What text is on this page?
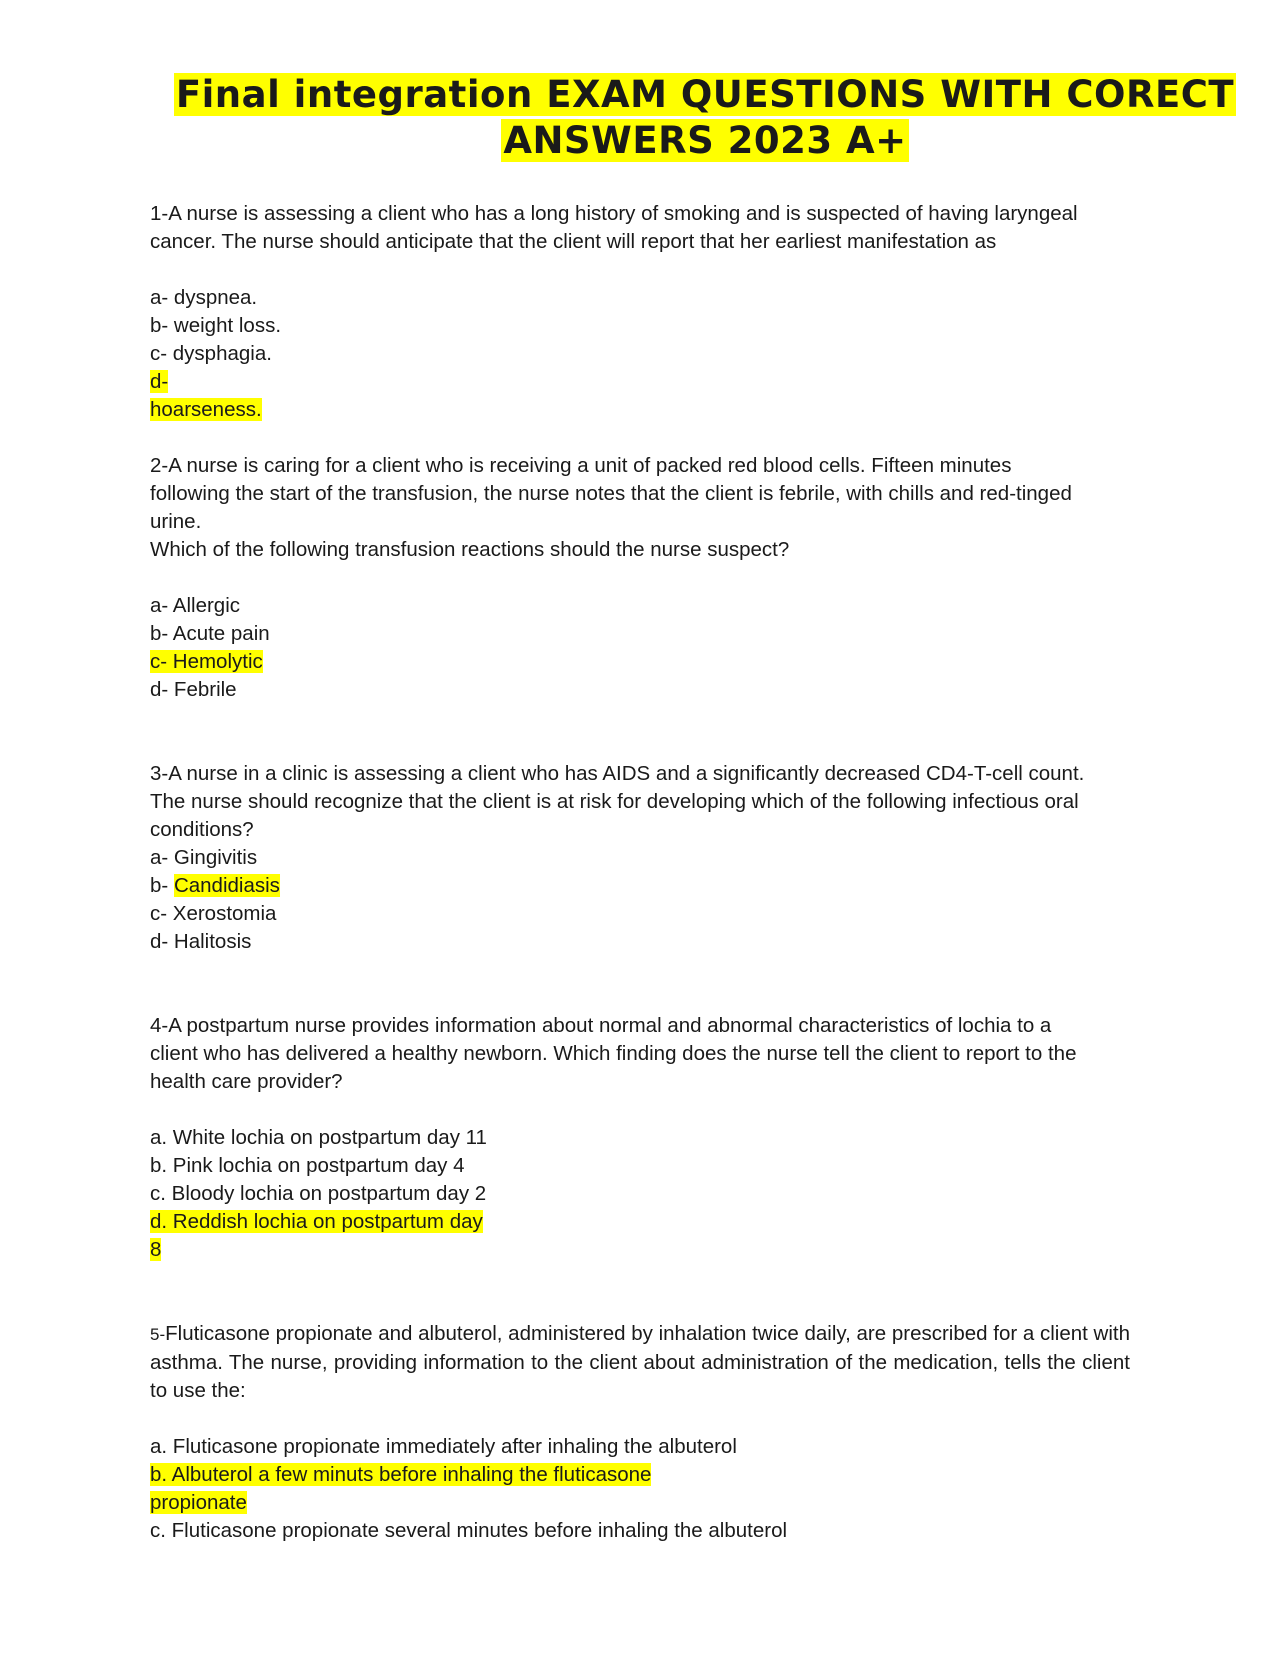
Final integration EXAM QUESTIONS WITH CORECT
ANSWERS 2023 A+

1-A nurse is assessing a client who has a long history of smoking and is suspected of having laryngeal

cancer. The nurse should anticipate that the client will report that her earliest manifestation as

a- dyspnea.

b- weight loss.

c- dysphagia.

d-

hoarseness.

2-A nurse is caring for a client who is receiving a unit of packed red blood cells. Fifteen minutes

following the start of the transfusion, the nurse notes that the client is febrile, with chills and red-tinged

urine.

Which of the following transfusion reactions should the nurse suspect?

a- Allergic

b- Acute pain

c- Hemolytic

d- Febrile

3-A nurse in a clinic is assessing a client who has AIDS and a significantly decreased CD4-T-cell count.

The nurse should recognize that the client is at risk for developing which of the following infectious oral

conditions?

a- Gingivitis

b- Candidiasis

c- Xerostomia

d- Halitosis

4-A postpartum nurse provides information about normal and abnormal characteristics of lochia to a

client who has delivered a healthy newborn. Which finding does the nurse tell the client to report to the

health care provider?

a. White lochia on postpartum day 11

b. Pink lochia on postpartum day 4

c. Bloody lochia on postpartum day 2

d. Reddish lochia on postpartum day

8

5-Fluticasone propionate and albuterol, administered by inhalation twice daily, are prescribed for a client with asthma. The nurse, providing information to the client about administration of the medication, tells the client to use the:

a. Fluticasone propionate immediately after inhaling the albuterol

b. Albuterol a few minuts before inhaling the fluticasone

propionate

c. Fluticasone propionate several minutes before inhaling the albuterol
